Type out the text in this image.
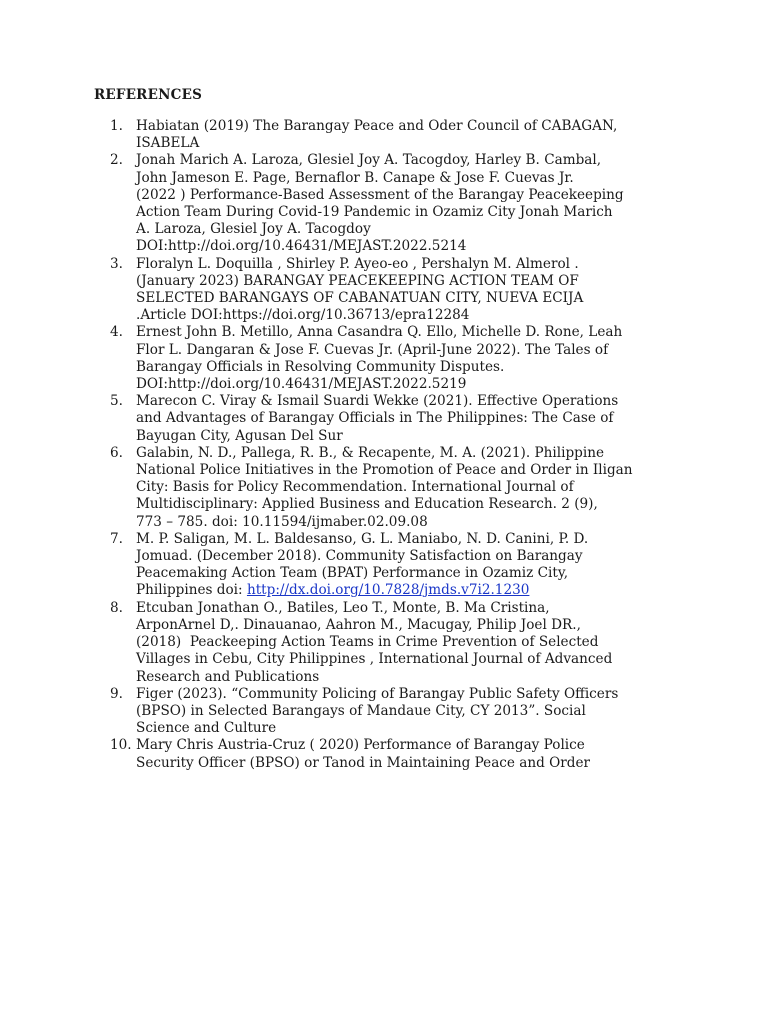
REFERENCES
1. Habiatan (2019) The Barangay Peace and Oder Council of CABAGAN,
ISABELA
2. Jonah Marich A. Laroza, Glesiel Joy A. Tacogdoy, Harley B. Cambal,
John Jameson E. Page, Bernaflor B. Canape & Jose F. Cuevas Jr.
(2022 ) Performance-Based Assessment of the Barangay Peacekeeping
Action Team During Covid-19 Pandemic in Ozamiz City Jonah Marich
A. Laroza, Glesiel Joy A. Tacogdoy
DOI:http://doi.org/10.46431/MEJAST.2022.5214
3. Floralyn L. Doquilla , Shirley P. Ayeo-eo , Pershalyn M. Almerol .
(January 2023) BARANGAY PEACEKEEPING ACTION TEAM OF
SELECTED BARANGAYS OF CABANATUAN CITY, NUEVA ECIJA
.Article DOI:https://doi.org/10.36713/epra12284
4. Ernest John B. Metillo, Anna Casandra Q. Ello, Michelle D. Rone, Leah
Flor L. Dangaran & Jose F. Cuevas Jr. (April-June 2022). The Tales of
Barangay Officials in Resolving Community Disputes.
DOI:http://doi.org/10.46431/MEJAST.2022.5219
5. Marecon C. Viray & Ismail Suardi Wekke (2021). Effective Operations
and Advantages of Barangay Officials in The Philippines: The Case of
Bayugan City, Agusan Del Sur
6. Galabin, N. D., Pallega, R. B., & Recapente, M. A. (2021). Philippine
National Police Initiatives in the Promotion of Peace and Order in Iligan
City: Basis for Policy Recommendation. International Journal of
Multidisciplinary: Applied Business and Education Research. 2 (9),
773 – 785. doi: 10.11594/ijmaber.02.09.08
7. M. P. Saligan, M. L. Baldesanso, G. L. Maniabo, N. D. Canini, P. D.
Jomuad. (December 2018). Community Satisfaction on Barangay
Peacemaking Action Team (BPAT) Performance in Ozamiz City,
Philippines doi: http://dx.doi.org/10.7828/jmds.v7i2.1230
8. Etcuban Jonathan O., Batiles, Leo T., Monte, B. Ma Cristina,
ArponArnel D,. Dinauanao, Aahron M., Macugay, Philip Joel DR.,
(2018)  Peackeeping Action Teams in Crime Prevention of Selected
Villages in Cebu, City Philippines , International Journal of Advanced
Research and Publications
9. Figer (2023). “Community Policing of Barangay Public Safety Officers
(BPSO) in Selected Barangays of Mandaue City, CY 2013”. Social
Science and Culture
10. Mary Chris Austria-Cruz ( 2020) Performance of Barangay Police
Security Officer (BPSO) or Tanod in Maintaining Peace and Order
